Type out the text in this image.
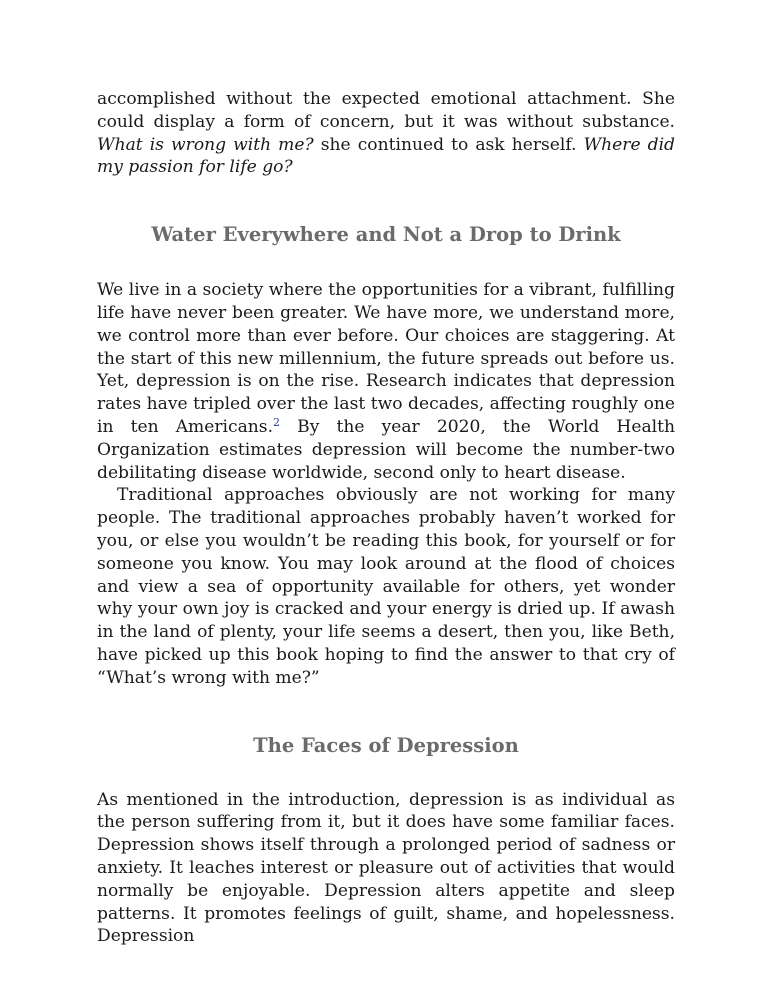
accomplished without the expected emotional attachment. She could display a form of concern, but it was without substance. What is wrong with me? she continued to ask herself. Where did my passion for life go?

Water Everywhere and Not a Drop to Drink

We live in a society where the opportunities for a vibrant, fulfilling life have never been greater. We have more, we understand more, we control more than ever before. Our choices are staggering. At the start of this new millennium, the future spreads out before us. Yet, depression is on the rise. Research indicates that depression rates have tripled over the last two decades, affecting roughly one in ten Americans.$^2$ By the year 2020, the World Health Organization estimates depression will become the number-two debilitating disease worldwide, second only to heart disease.

Traditional approaches obviously are not working for many people. The traditional approaches probably haven’t worked for you, or else you wouldn’t be reading this book, for yourself or for someone you know. You may look around at the flood of choices and view a sea of opportunity available for others, yet wonder why your own joy is cracked and your energy is dried up. If awash in the land of plenty, your life seems a desert, then you, like Beth, have picked up this book hoping to find the answer to that cry of “What’s wrong with me?”

The Faces of Depression

As mentioned in the introduction, depression is as individual as the person suffering from it, but it does have some familiar faces. Depression shows itself through a prolonged period of sadness or anxiety. It leaches interest or pleasure out of activities that would normally be enjoyable. Depression alters appetite and sleep patterns. It promotes feelings of guilt, shame, and hopelessness. Depression
